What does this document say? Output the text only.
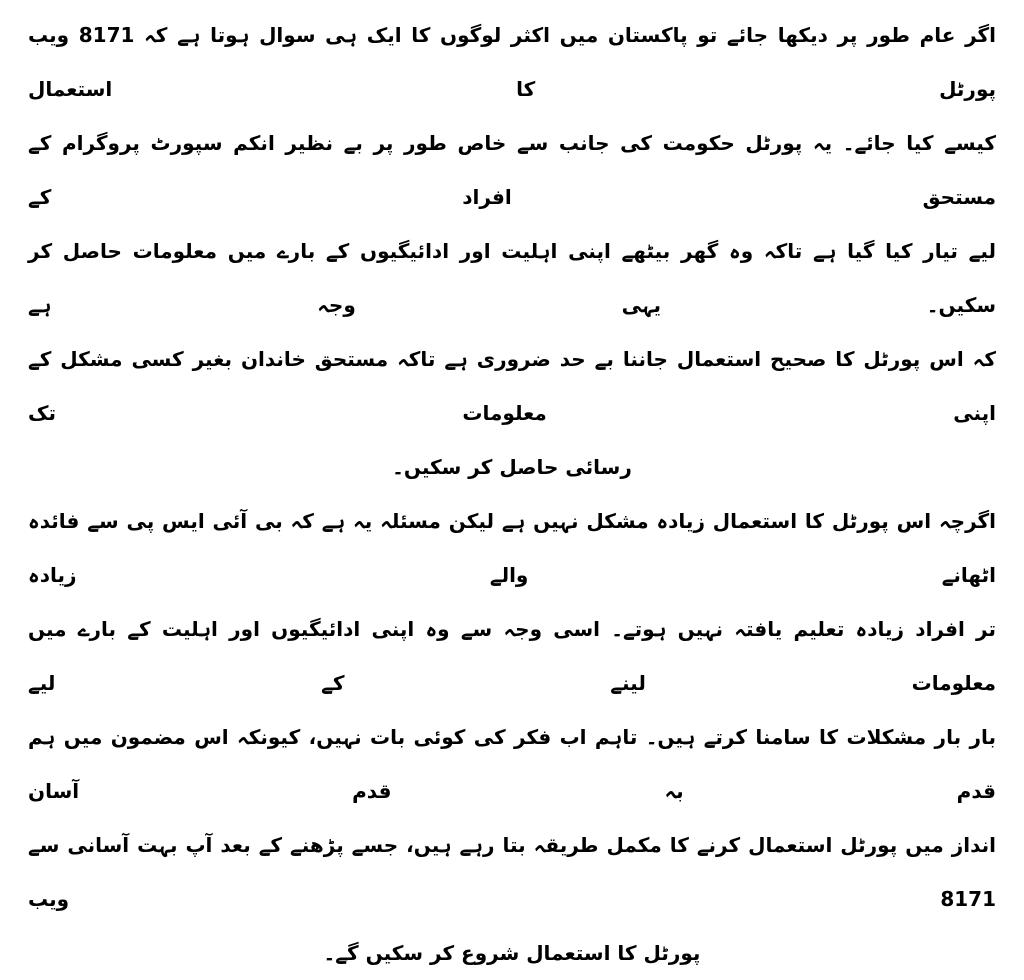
اگر عام طور پر دیکھا جائے تو پاکستان میں اکثر لوگوں کا ایک ہی سوال ہوتا ہے کہ 8171 ویب پورٹل کا استعمال
کیسے کیا جائے۔ یہ پورٹل حکومت کی جانب سے خاص طور پر بے نظیر انکم سپورٹ پروگرام کے مستحق افراد کے
لیے تیار کیا گیا ہے تاکہ وہ گھر بیٹھے اپنی اہلیت اور ادائیگیوں کے بارے میں معلومات حاصل کر سکیں۔ یہی وجہ ہے
کہ اس پورٹل کا صحیح استعمال جاننا بے حد ضروری ہے تاکہ مستحق خاندان بغیر کسی مشکل کے اپنی معلومات تک
رسائی حاصل کر سکیں۔
اگرچہ اس پورٹل کا استعمال زیادہ مشکل نہیں ہے لیکن مسئلہ یہ ہے کہ بی آئی ایس پی سے فائدہ اٹھانے والے زیادہ
تر افراد زیادہ تعلیم یافتہ نہیں ہوتے۔ اسی وجہ سے وہ اپنی ادائیگیوں اور اہلیت کے بارے میں معلومات لینے کے لیے
بار بار مشکلات کا سامنا کرتے ہیں۔ تاہم اب فکر کی کوئی بات نہیں، کیونکہ اس مضمون میں ہم قدم بہ قدم آسان
انداز میں پورٹل استعمال کرنے کا مکمل طریقہ بتا رہے ہیں، جسے پڑھنے کے بعد آپ بہت آسانی سے 8171 ویب
پورٹل کا استعمال شروع کر سکیں گے۔
